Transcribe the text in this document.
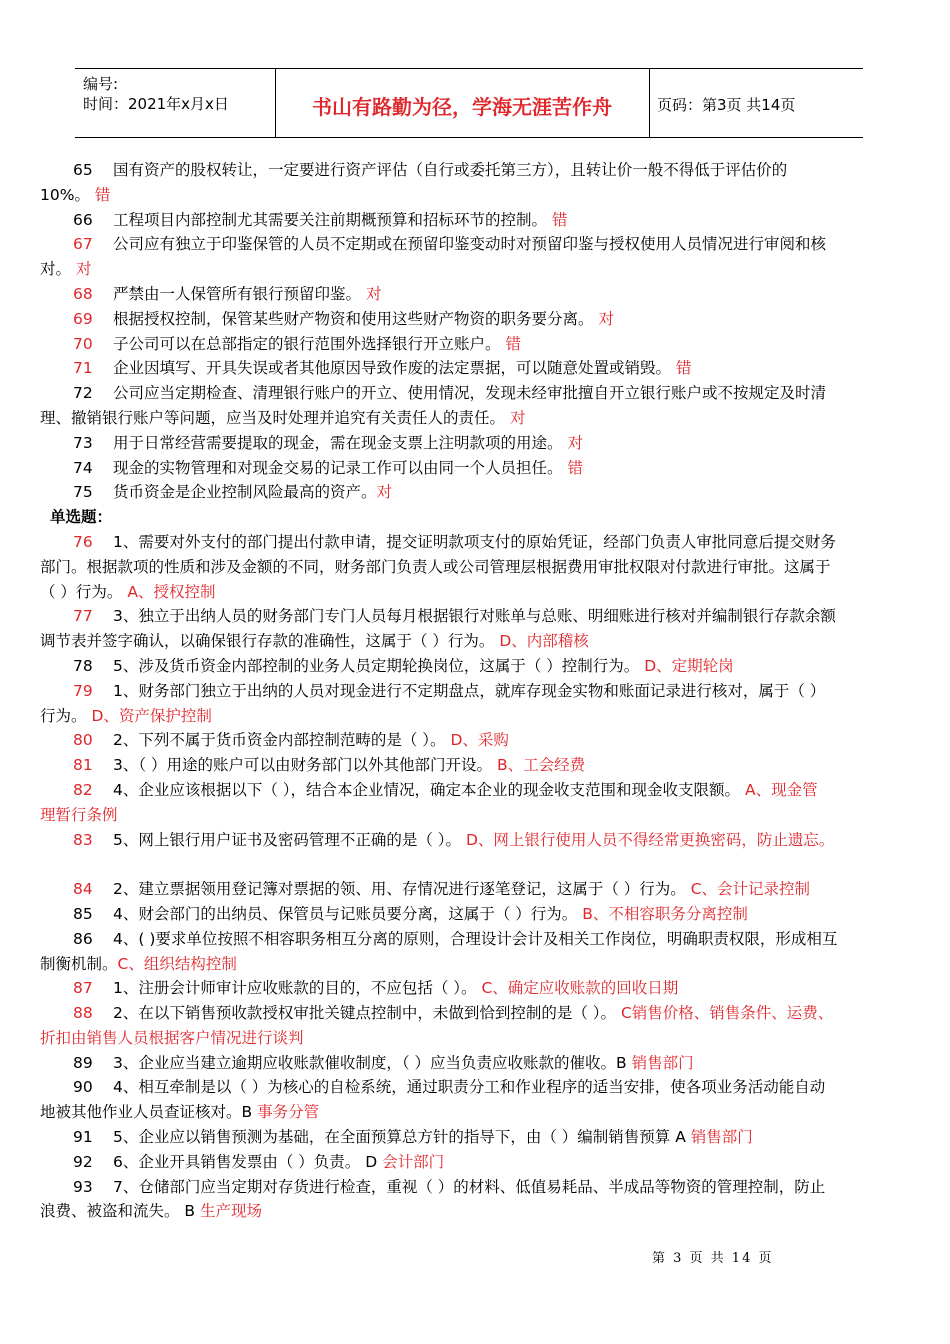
编号:
时间：2021年x月x日	书山有路勤为径，学海无涯苦作舟	页码：第3页 共14页
65 国有资产的股权转让，一定要进行资产评估（自行或委托第三方），且转让价一般不得低于评估价的
10%。 错
66 工程项目内部控制尤其需要关注前期概预算和招标环节的控制。 错
67 公司应有独立于印鉴保管的人员不定期或在预留印鉴变动时对预留印鉴与授权使用人员情况进行审阅和核
对。 对
68 严禁由一人保管所有银行预留印鉴。 对
69 根据授权控制，保管某些财产物资和使用这些财产物资的职务要分离。 对
70 子公司可以在总部指定的银行范围外选择银行开立账户。 错
71 企业因填写、开具失误或者其他原因导致作废的法定票据，可以随意处置或销毁。 错
72 公司应当定期检查、清理银行账户的开立、使用情况，发现未经审批擅自开立银行账户或不按规定及时清
理、撤销银行账户等问题，应当及时处理并追究有关责任人的责任。 对
73 用于日常经营需要提取的现金，需在现金支票上注明款项的用途。 对
74 现金的实物管理和对现金交易的记录工作可以由同一个人员担任。 错
75 货币资金是企业控制风险最高的资产。对
单选题：
76 1、需要对外支付的部门提出付款申请，提交证明款项支付的原始凭证，经部门负责人审批同意后提交财务
部门。根据款项的性质和涉及金额的不同，财务部门负责人或公司管理层根据费用审批权限对付款进行审批。这属于
（ ）行为。 A、授权控制
77 3、独立于出纳人员的财务部门专门人员每月根据银行对账单与总账、明细账进行核对并编制银行存款余额
调节表并签字确认，以确保银行存款的准确性，这属于（ ）行为。 D、内部稽核
78 5、涉及货币资金内部控制的业务人员定期轮换岗位，这属于（ ）控制行为。 D、定期轮岗
79 1、财务部门独立于出纳的人员对现金进行不定期盘点，就库存现金实物和账面记录进行核对，属于（ ）
行为。 D、资产保护控制
80 2、下列不属于货币资金内部控制范畴的是（ ）。 D、采购
81 3、（ ）用途的账户可以由财务部门以外其他部门开设。 B、工会经费
82 4、企业应该根据以下（ ），结合本企业情况，确定本企业的现金收支范围和现金收支限额。 A、现金管
理暂行条例
83 5、网上银行用户证书及密码管理不正确的是（ ）。 D、网上银行使用人员不得经常更换密码，防止遗忘。
84 2、建立票据领用登记簿对票据的领、用、存情况进行逐笔登记，这属于（ ）行为。 C、会计记录控制
85 4、财会部门的出纳员、保管员与记账员要分离，这属于（ ）行为。 B、不相容职务分离控制
86 4、( )要求单位按照不相容职务相互分离的原则，合理设计会计及相关工作岗位，明确职责权限，形成相互
制衡机制。C、组织结构控制
87 1、注册会计师审计应收账款的目的，不应包括（ ）。 C、确定应收账款的回收日期
88 2、在以下销售预收款授权审批关键点控制中，未做到恰到控制的是（ ）。 C销售价格、销售条件、运费、
折扣由销售人员根据客户情况进行谈判
89 3、企业应当建立逾期应收账款催收制度，（ ）应当负责应收账款的催收。B 销售部门
90 4、相互牵制是以（ ）为核心的自检系统，通过职责分工和作业程序的适当安排，使各项业务活动能自动
地被其他作业人员查证核对。B 事务分管
91 5、企业应以销售预测为基础，在全面预算总方针的指导下，由（ ）编制销售预算 A 销售部门
92 6、企业开具销售发票由（ ）负责。 D 会计部门
93 7、仓储部门应当定期对存货进行检查，重视（ ）的材料、低值易耗品、半成品等物资的管理控制，防止
浪费、被盗和流失。 B 生产现场
第 3 页 共 14 页
